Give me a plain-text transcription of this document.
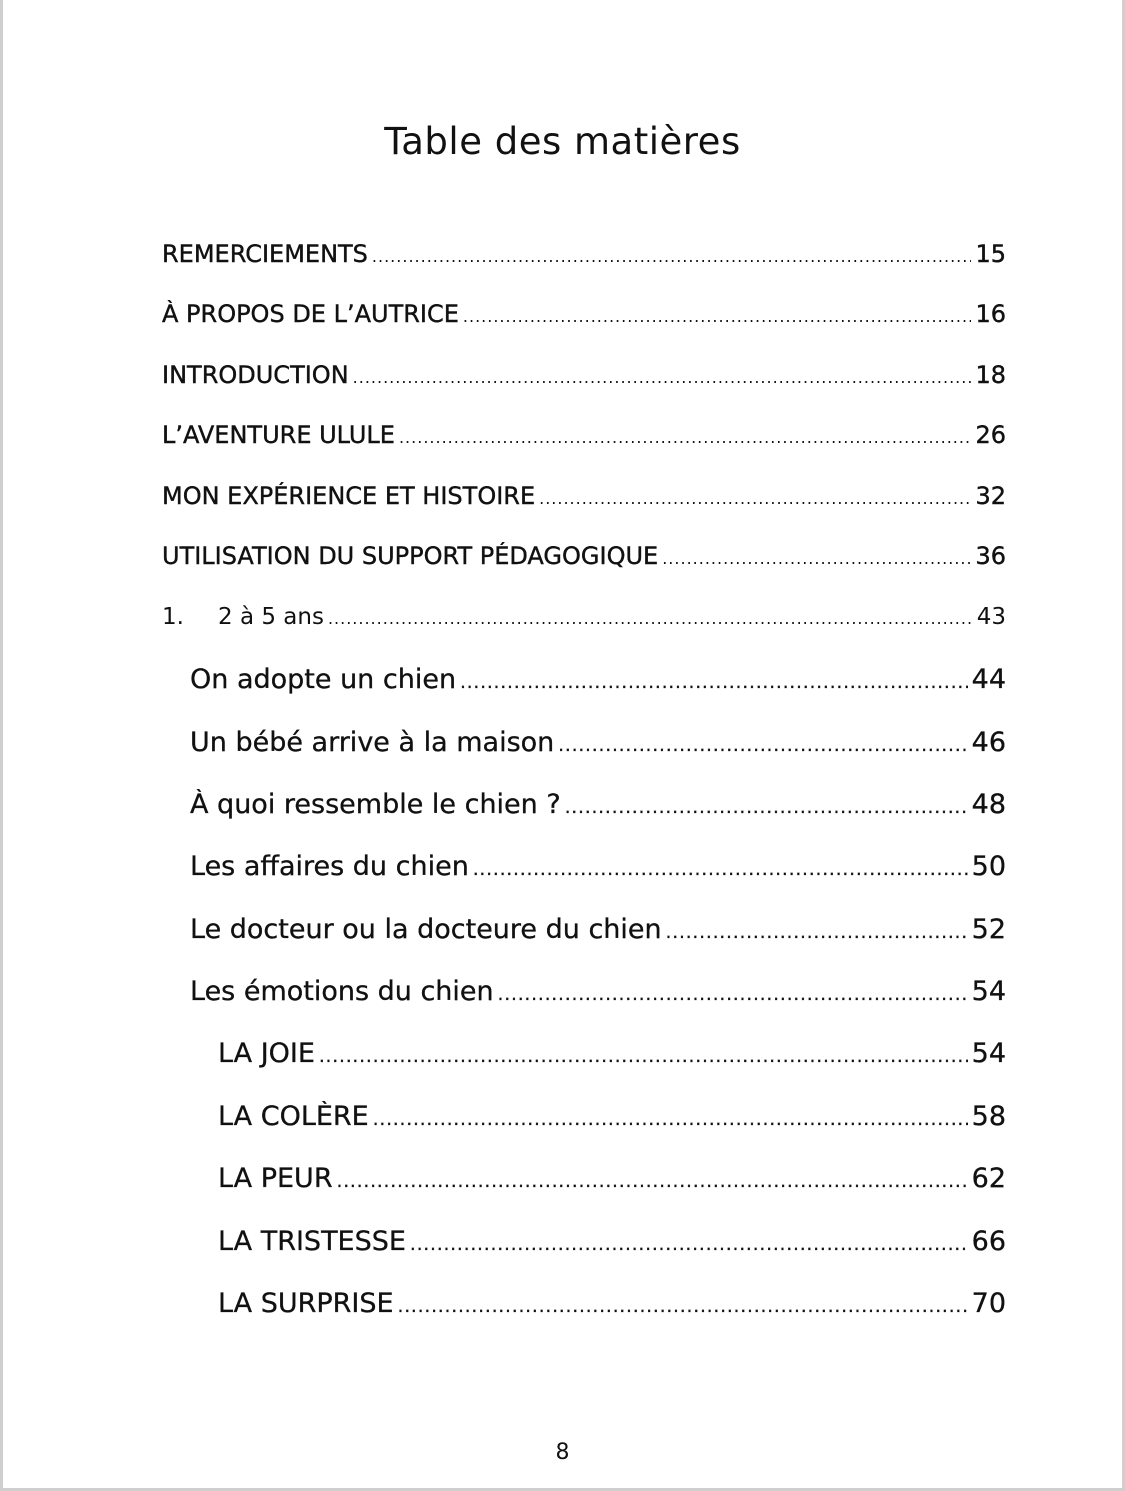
Table des matières
REMERCIEMENTS .....	15
À PROPOS DE L’AUTRICE .....	16
INTRODUCTION .....	18
L’AVENTURE ULULE .....	26
MON EXPÉRIENCE ET HISTOIRE .....	32
UTILISATION DU SUPPORT PÉDAGOGIQUE .....	36
1. 2 à 5 ans .....	43
On adopte un chien .....	44
Un bébé arrive à la maison .....	46
À quoi ressemble le chien ? .....	48
Les affaires du chien .....	50
Le docteur ou la docteure du chien .....	52
Les émotions du chien .....	54
LA JOIE .....	54
LA COLÈRE .....	58
LA PEUR .....	62
LA TRISTESSE .....	66
LA SURPRISE .....	70
8
